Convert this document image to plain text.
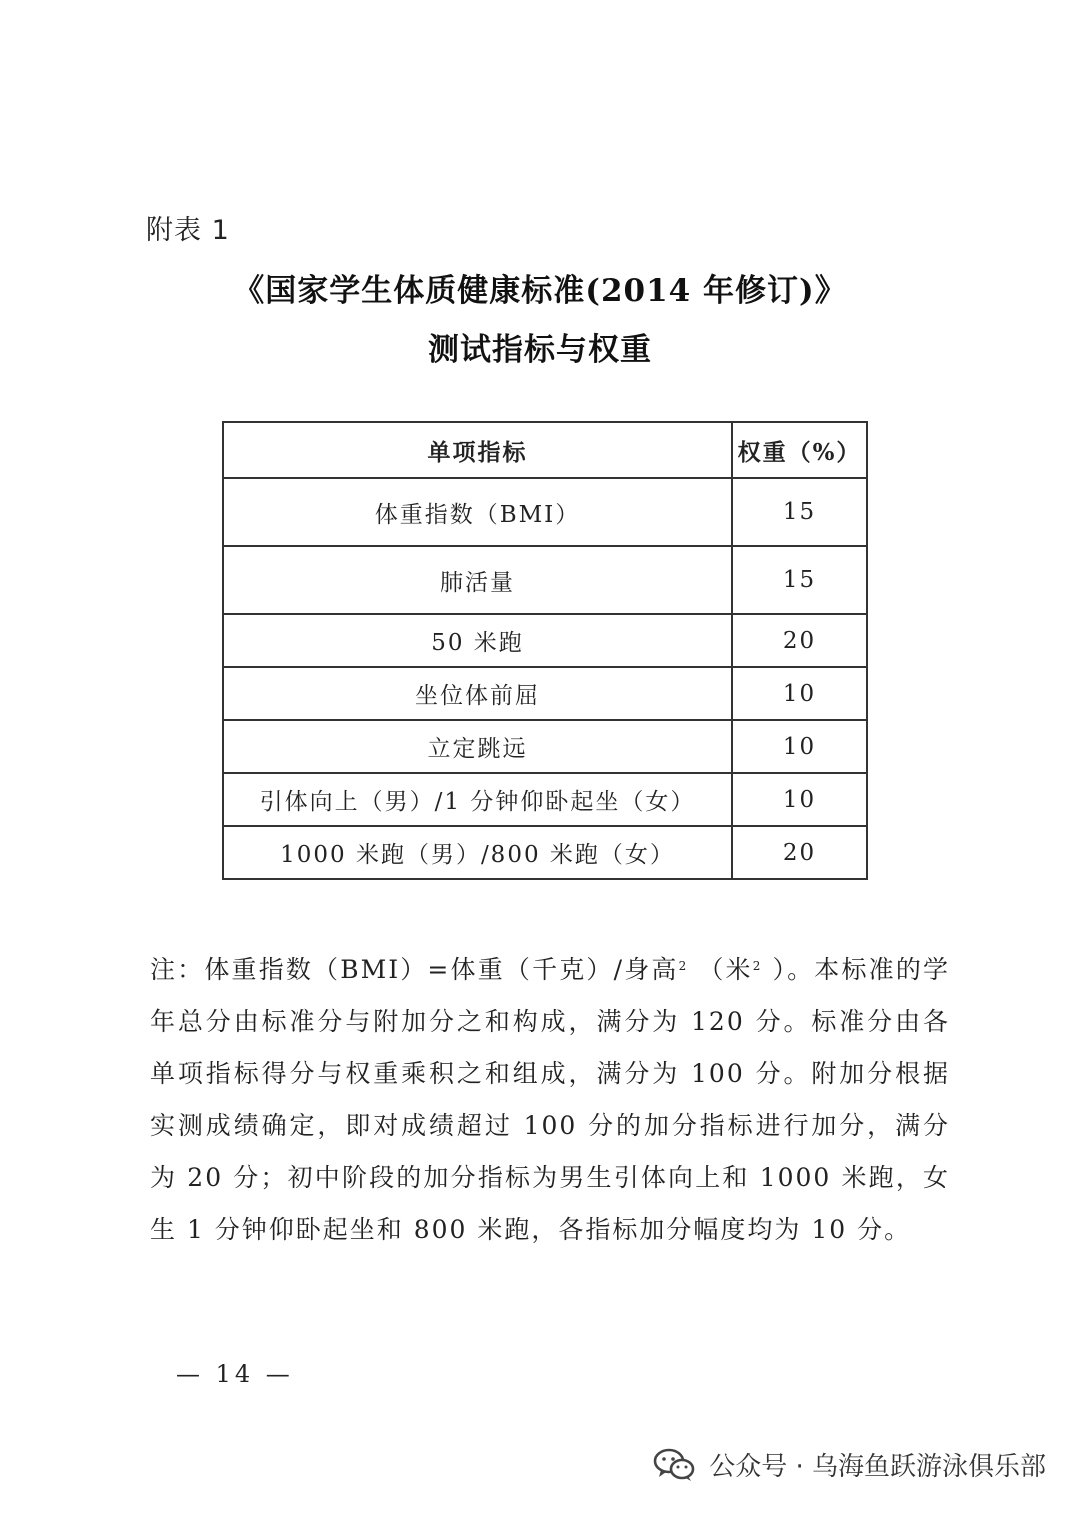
附表 1
《国家学生体质健康标准(2014 年修订)》
测试指标与权重
单项指标	权重（%）
体重指数（BMI）	15
肺活量	15
50 米跑	20
坐位体前屈	10
立定跳远	10
引体向上（男）/1 分钟仰卧起坐（女）	10
1000 米跑（男）/800 米跑（女）	20

注：体重指数（BMI）=体重（千克）/身高$^2$ （米$^2$ ）。本标准的学年总分由标准分与附加分之和构成，满分为 120 分。标准分由各单项指标得分与权重乘积之和组成，满分为 100 分。附加分根据实测成绩确定，即对成绩超过 100 分的加分指标进行加分，满分为 20 分；初中阶段的加分指标为男生引体向上和 1000 米跑，女生 1 分钟仰卧起坐和 800 米跑，各指标加分幅度均为 10 分。

— 14 —
公众号 · 乌海鱼跃游泳俱乐部
